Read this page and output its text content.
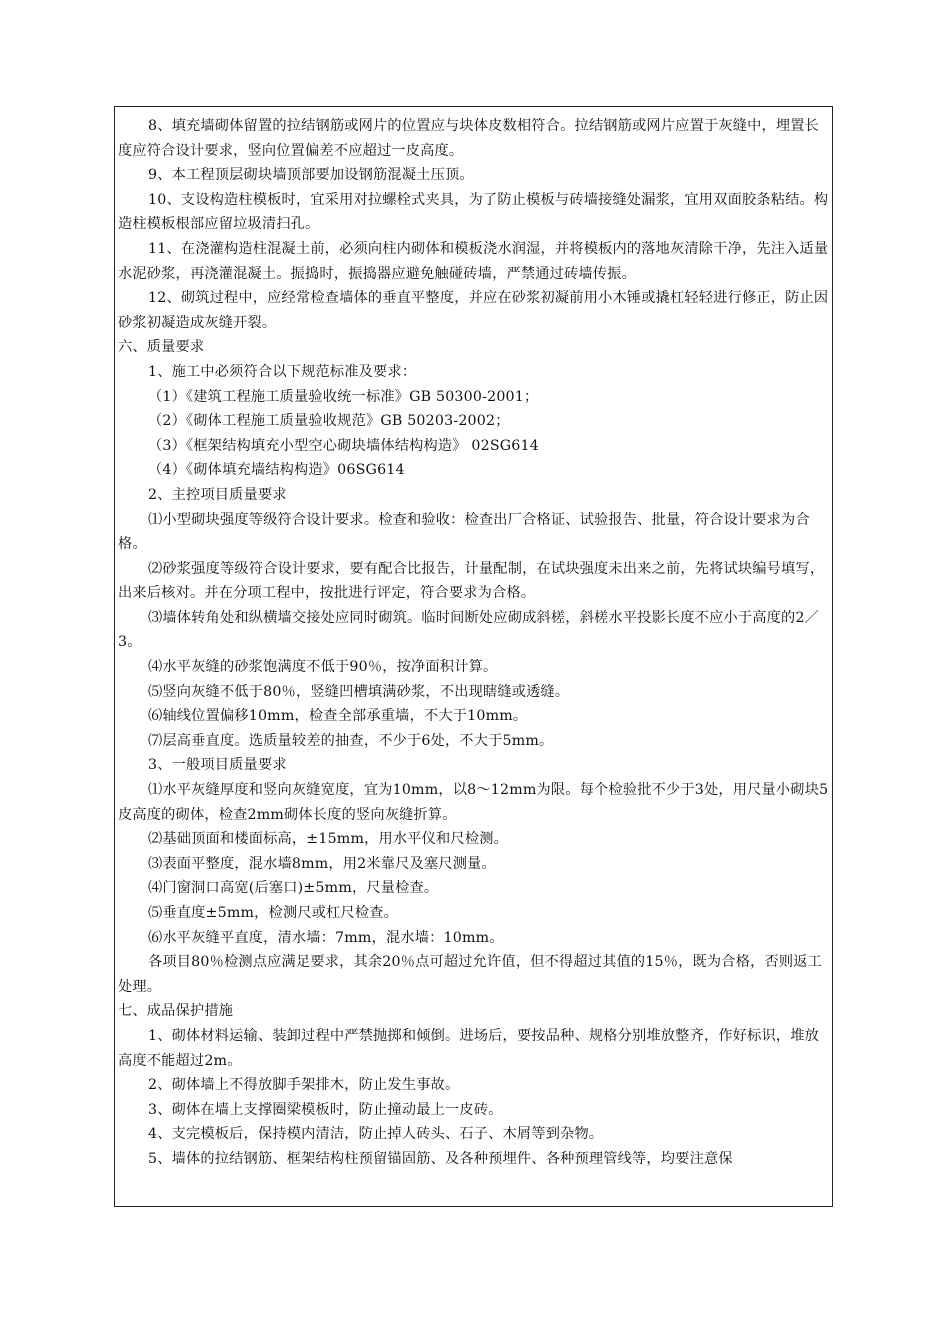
8、填充墙砌体留置的拉结钢筋或网片的位置应与块体皮数相符合。拉结钢筋或网片应置于灰缝中，埋置长度应符合设计要求，竖向位置偏差不应超过一皮高度。

9、本工程顶层砌块墙顶部要加设钢筋混凝土压顶。

10、支设构造柱模板时，宜采用对拉螺栓式夹具，为了防止模板与砖墙接缝处漏浆，宜用双面胶条粘结。构造柱模板根部应留垃圾清扫孔。

11、在浇灌构造柱混凝土前，必须向柱内砌体和模板浇水润湿，并将模板内的落地灰清除干净，先注入适量水泥砂浆，再浇灌混凝土。振捣时，振捣器应避免触碰砖墙，严禁通过砖墙传振。

12、砌筑过程中，应经常检查墙体的垂直平整度，并应在砂浆初凝前用小木锤或撬杠轻轻进行修正，防止因砂浆初凝造成灰缝开裂。

六、质量要求

1、施工中必须符合以下规范标准及要求：

（1）《建筑工程施工质量验收统一标准》GB 50300-2001；

（2）《砌体工程施工质量验收规范》GB 50203-2002；

（3）《框架结构填充小型空心砌块墙体结构构造》 02SG614

（4）《砌体填充墙结构构造》06SG614

2、主控项目质量要求

⑴小型砌块强度等级符合设计要求。检查和验收：检查出厂合格证、试验报告、批量，符合设计要求为合格。

⑵砂浆强度等级符合设计要求，要有配合比报告，计量配制，在试块强度未出来之前，先将试块编号填写，出来后核对。并在分项工程中，按批进行评定，符合要求为合格。

⑶墙体转角处和纵横墙交接处应同时砌筑。临时间断处应砌成斜槎，斜槎水平投影长度不应小于高度的2／3。

⑷水平灰缝的砂浆饱满度不低于90％，按净面积计算。

⑸竖向灰缝不低于80％，竖缝凹槽填满砂浆，不出现瞎缝或透缝。

⑹轴线位置偏移10mm，检查全部承重墙，不大于10mm。

⑺层高垂直度。选质量较差的抽查，不少于6处，不大于5mm。

3、一般项目质量要求

⑴水平灰缝厚度和竖向灰缝宽度，宜为10mm，以8～12mm为限。每个检验批不少于3处，用尺量小砌块5皮高度的砌体，检查2mm砌体长度的竖向灰缝折算。

⑵基础顶面和楼面标高，±15mm，用水平仪和尺检测。

⑶表面平整度，混水墙8mm，用2米靠尺及塞尺测量。

⑷门窗洞口高宽(后塞口)±5mm，尺量检查。

⑸垂直度±5mm，检测尺或杠尺检查。

⑹水平灰缝平直度，清水墙：7mm，混水墙：10mm。

各项目80％检测点应满足要求，其余20％点可超过允许值，但不得超过其值的15％，既为合格，否则返工处理。

七、成品保护措施

1、砌体材料运输、装卸过程中严禁抛掷和倾倒。进场后，要按品种、规格分别堆放整齐，作好标识，堆放高度不能超过2m。

2、砌体墙上不得放脚手架排木，防止发生事故。

3、砌体在墙上支撑圈梁模板时，防止撞动最上一皮砖。

4、支完模板后，保持模内清洁，防止掉人砖头、石子、木屑等到杂物。

5、墙体的拉结钢筋、框架结构柱预留锚固筋、及各种预埋件、各种预理管线等，均要注意保
